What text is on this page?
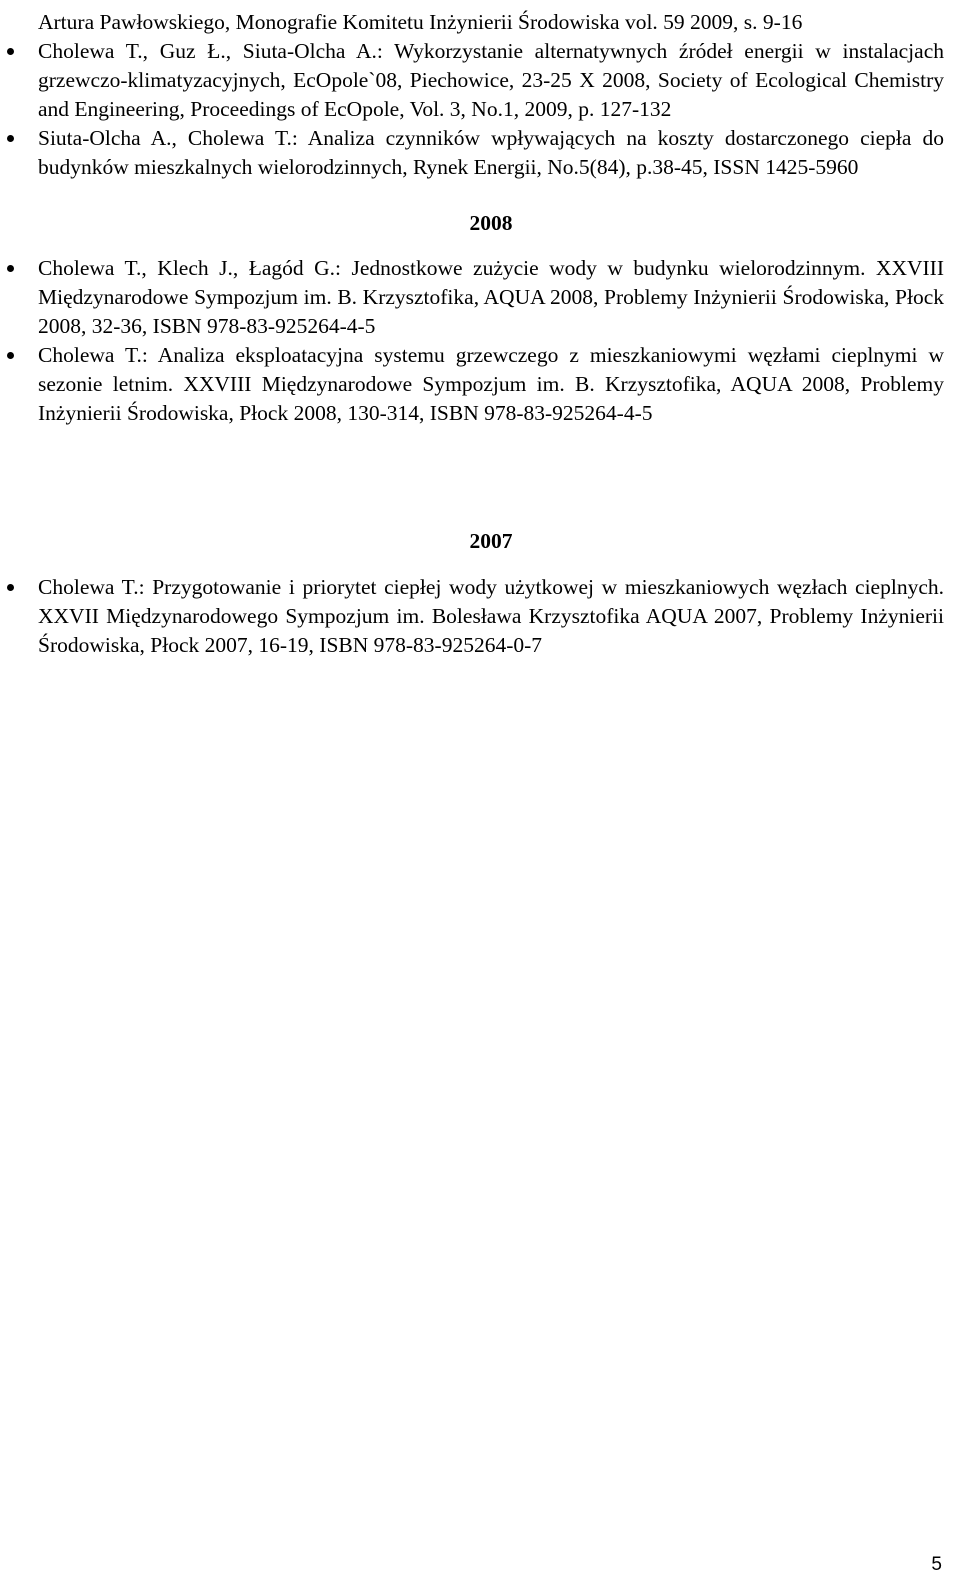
Artura Pawłowskiego, Monografie Komitetu Inżynierii Środowiska vol. 59 2009, s. 9-16

Cholewa T., Guz Ł., Siuta-Olcha A.: Wykorzystanie alternatywnych źródeł energii w instalacjach grzewczo-klimatyzacyjnych, EcOpole`08, Piechowice, 23-25 X 2008, Society of Ecological Chemistry and Engineering, Proceedings of EcOpole, Vol. 3, No.1, 2009, p. 127-132
Siuta-Olcha A., Cholewa T.: Analiza czynników wpływających na koszty dostarczonego ciepła do budynków mieszkalnych wielorodzinnych, Rynek Energii, No.5(84), p.38-45, ISSN 1425-5960

2008

Cholewa T., Klech J., Łagód G.: Jednostkowe zużycie wody w budynku wielorodzinnym. XXVIII Międzynarodowe Sympozjum im. B. Krzysztofika, AQUA 2008, Problemy Inżynierii Środowiska, Płock 2008, 32-36, ISBN 978-83-925264-4-5
Cholewa T.: Analiza eksploatacyjna systemu grzewczego z mieszkaniowymi węzłami cieplnymi w sezonie letnim. XXVIII Międzynarodowe Sympozjum im. B. Krzysztofika, AQUA 2008, Problemy Inżynierii Środowiska, Płock 2008, 130-314, ISBN 978-83-925264-4-5

2007

Cholewa T.: Przygotowanie i priorytet ciepłej wody użytkowej w mieszkaniowych węzłach cieplnych. XXVII Międzynarodowego Sympozjum im. Bolesława Krzysztofika AQUA 2007, Problemy Inżynierii Środowiska, Płock 2007, 16-19, ISBN 978-83-925264-0-7
5
